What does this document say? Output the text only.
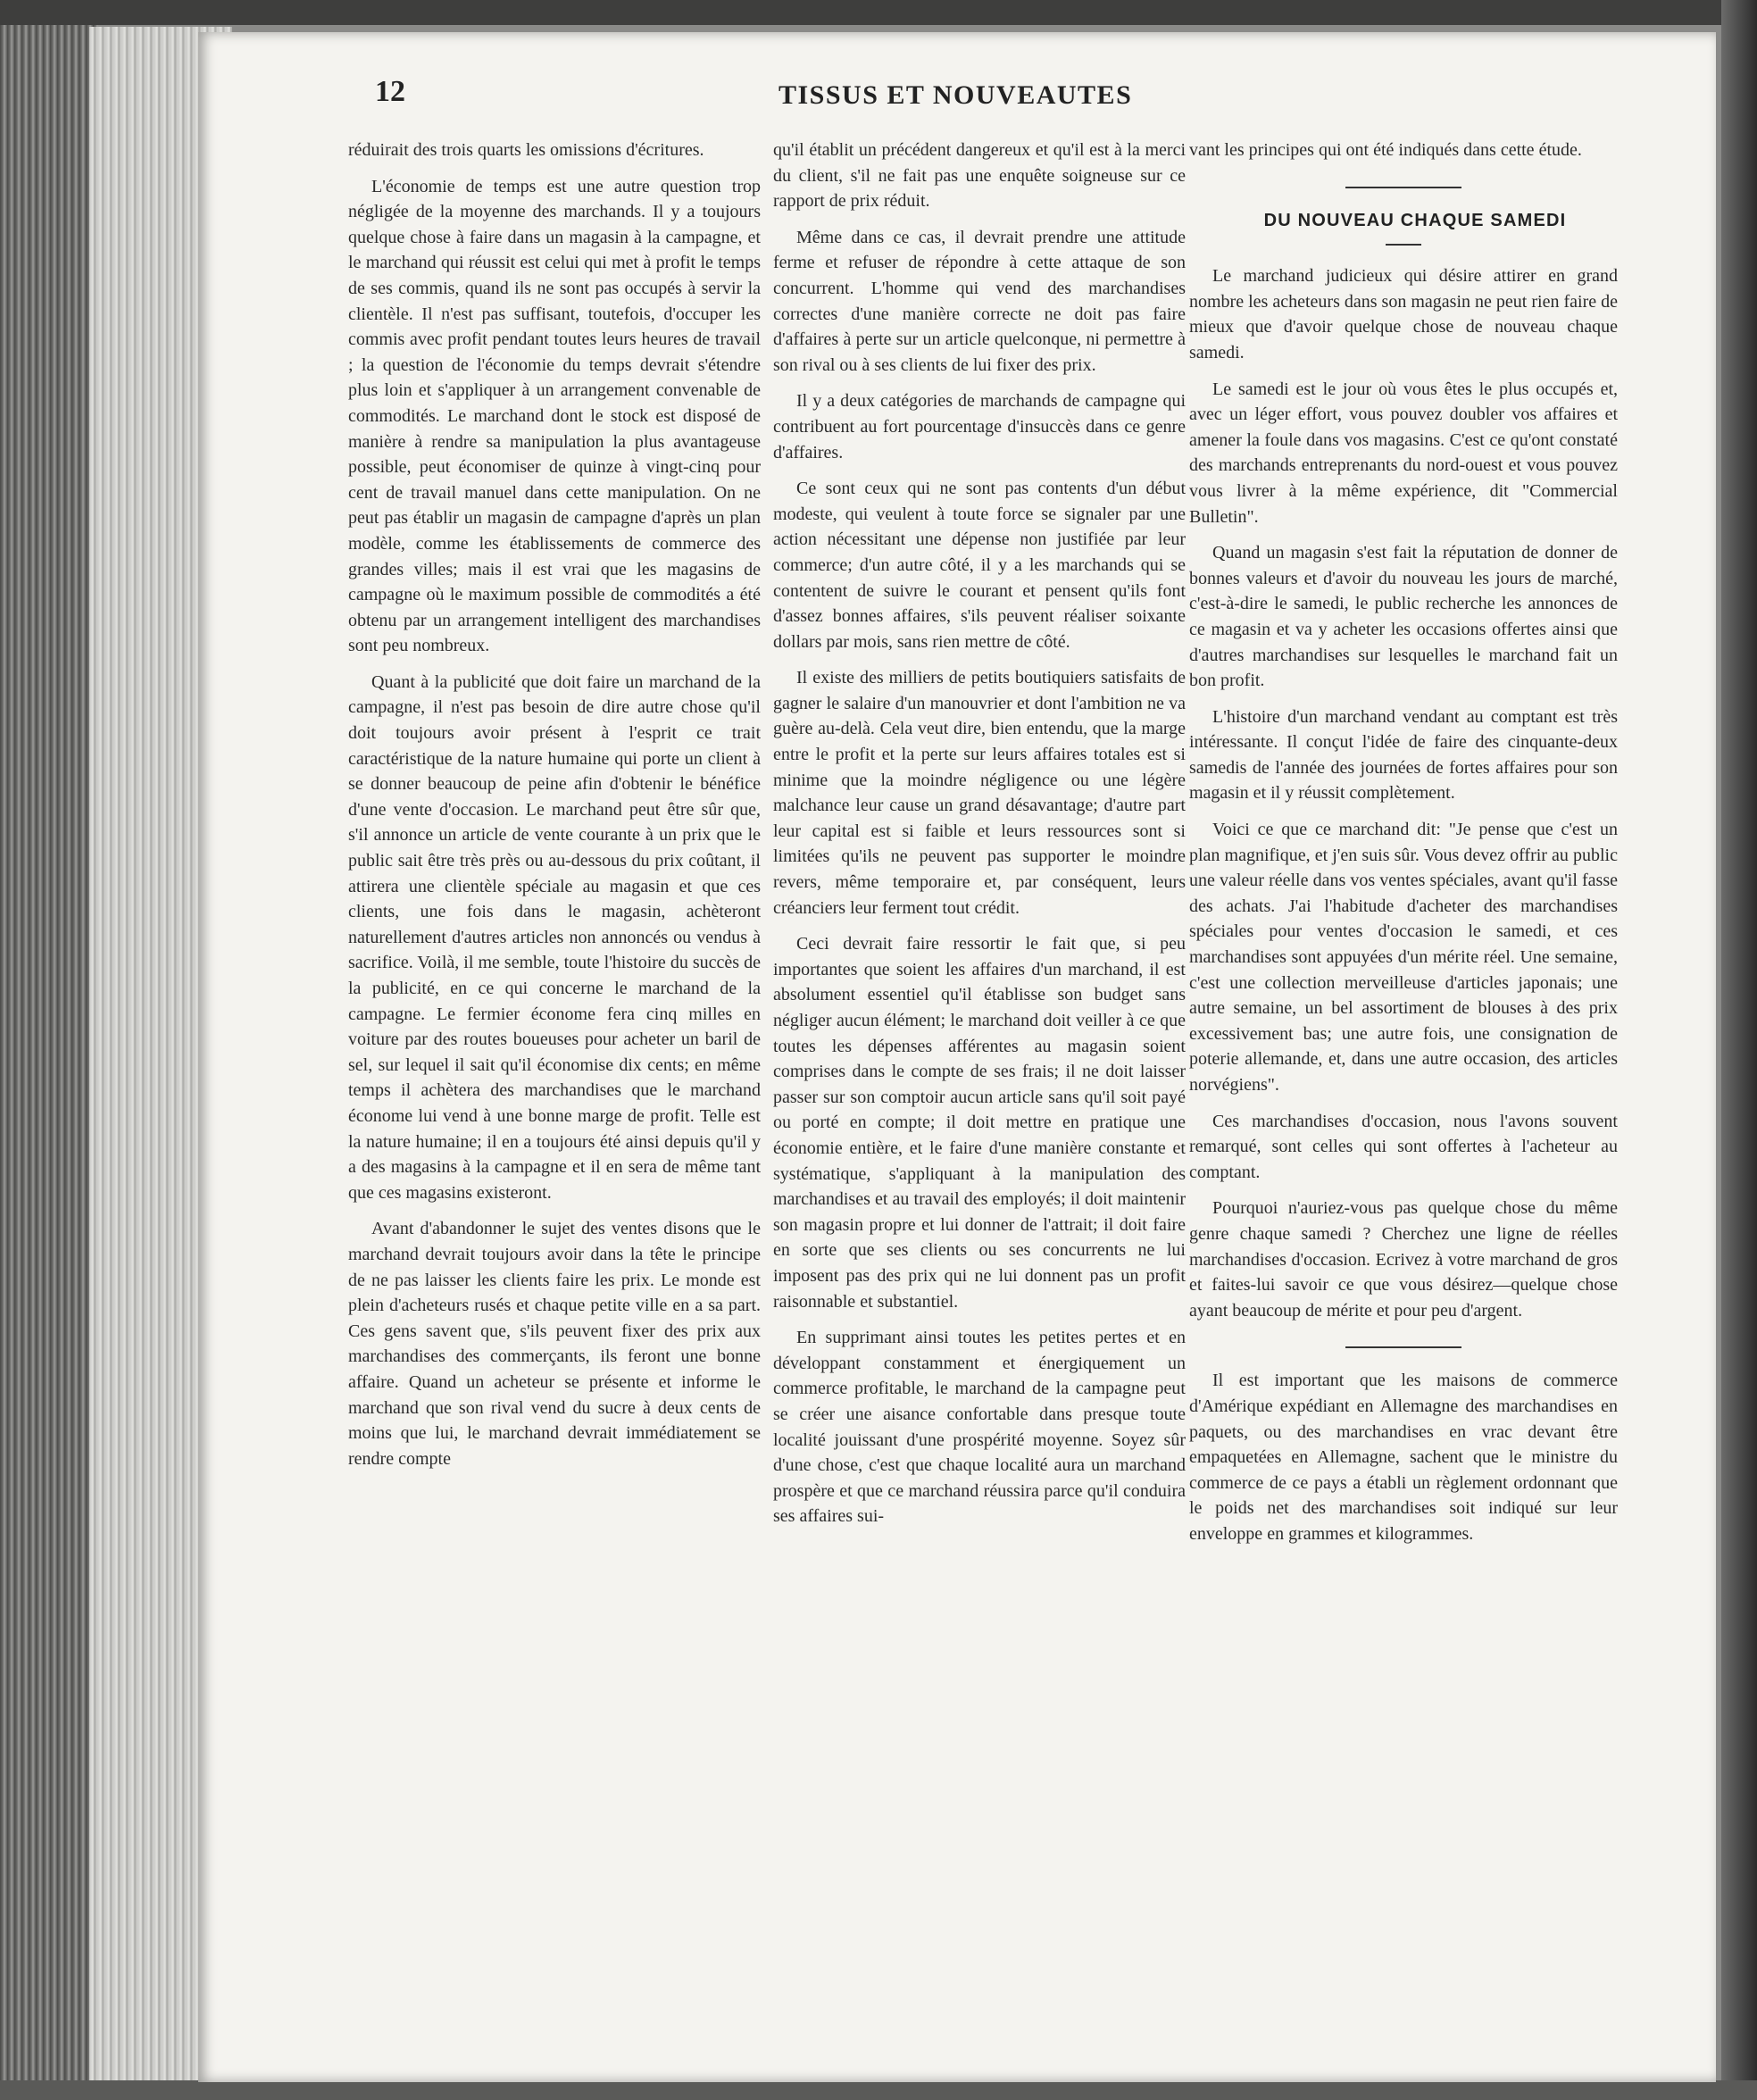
12	TISSUS ET NOUVEAUTES

réduirait des trois quarts les omissions d'écritures.

L'économie de temps est une autre question trop négligée de la moyenne des marchands. Il y a toujours quelque chose à faire dans un magasin à la campagne, et le marchand qui réussit est celui qui met à profit le temps de ses commis, quand ils ne sont pas occupés à servir la clientèle. Il n'est pas suffisant, toutefois, d'occuper les commis avec profit pendant toutes leurs heures de travail ; la question de l'économie du temps devrait s'étendre plus loin et s'appliquer à un arrangement convenable de commodités. Le marchand dont le stock est disposé de manière à rendre sa manipulation la plus avantageuse possible, peut économiser de quinze à vingt-cinq pour cent de travail manuel dans cette manipulation. On ne peut pas établir un magasin de campagne d'après un plan modèle, comme les établissements de commerce des grandes villes; mais il est vrai que les magasins de campagne où le maximum possible de commodités a été obtenu par un arrangement intelligent des marchandises sont peu nombreux.

Quant à la publicité que doit faire un marchand de la campagne, il n'est pas besoin de dire autre chose qu'il doit toujours avoir présent à l'esprit ce trait caractéristique de la nature humaine qui porte un client à se donner beaucoup de peine afin d'obtenir le bénéfice d'une vente d'occasion. Le marchand peut être sûr que, s'il annonce un article de vente courante à un prix que le public sait être très près ou au-dessous du prix coûtant, il attirera une clientèle spéciale au magasin et que ces clients, une fois dans le magasin, achèteront naturellement d'autres articles non annoncés ou vendus à sacrifice. Voilà, il me semble, toute l'histoire du succès de la publicité, en ce qui concerne le marchand de la campagne. Le fermier économe fera cinq milles en voiture par des routes boueuses pour acheter un baril de sel, sur lequel il sait qu'il économise dix cents; en même temps il achètera des marchandises que le marchand économe lui vend à une bonne marge de profit. Telle est la nature humaine; il en a toujours été ainsi depuis qu'il y a des magasins à la campagne et il en sera de même tant que ces magasins existeront.

Avant d'abandonner le sujet des ventes disons que le marchand devrait toujours avoir dans la tête le principe de ne pas laisser les clients faire les prix. Le monde est plein d'acheteurs rusés et chaque petite ville en a sa part. Ces gens savent que, s'ils peuvent fixer des prix aux marchandises des commerçants, ils feront une bonne affaire. Quand un acheteur se présente et informe le marchand que son rival vend du sucre à deux cents de moins que lui, le marchand devrait immédiatement se rendre compte

qu'il établit un précédent dangereux et qu'il est à la merci du client, s'il ne fait pas une enquête soigneuse sur ce rapport de prix réduit.

Même dans ce cas, il devrait prendre une attitude ferme et refuser de répondre à cette attaque de son concurrent. L'homme qui vend des marchandises correctes d'une manière correcte ne doit pas faire d'affaires à perte sur un article quelconque, ni permettre à son rival ou à ses clients de lui fixer des prix.

Il y a deux catégories de marchands de campagne qui contribuent au fort pourcentage d'insuccès dans ce genre d'affaires.

Ce sont ceux qui ne sont pas contents d'un début modeste, qui veulent à toute force se signaler par une action nécessitant une dépense non justifiée par leur commerce; d'un autre côté, il y a les marchands qui se contentent de suivre le courant et pensent qu'ils font d'assez bonnes affaires, s'ils peuvent réaliser soixante dollars par mois, sans rien mettre de côté.

Il existe des milliers de petits boutiquiers satisfaits de gagner le salaire d'un manouvrier et dont l'ambition ne va guère au-delà. Cela veut dire, bien entendu, que la marge entre le profit et la perte sur leurs affaires totales est si minime que la moindre négligence ou une légère malchance leur cause un grand désavantage; d'autre part leur capital est si faible et leurs ressources sont si limitées qu'ils ne peuvent pas supporter le moindre revers, même temporaire et, par conséquent, leurs créanciers leur ferment tout crédit.

Ceci devrait faire ressortir le fait que, si peu importantes que soient les affaires d'un marchand, il est absolument essentiel qu'il établisse son budget sans négliger aucun élément; le marchand doit veiller à ce que toutes les dépenses afférentes au magasin soient comprises dans le compte de ses frais; il ne doit laisser passer sur son comptoir aucun article sans qu'il soit payé ou porté en compte; il doit mettre en pratique une économie entière, et le faire d'une manière constante et systématique, s'appliquant à la manipulation des marchandises et au travail des employés; il doit maintenir son magasin propre et lui donner de l'attrait; il doit faire en sorte que ses clients ou ses concurrents ne lui imposent pas des prix qui ne lui donnent pas un profit raisonnable et substantiel.

En supprimant ainsi toutes les petites pertes et en développant constamment et énergiquement un commerce profitable, le marchand de la campagne peut se créer une aisance confortable dans presque toute localité jouissant d'une prospérité moyenne. Soyez sûr d'une chose, c'est que chaque localité aura un marchand prospère et que ce marchand réussira parce qu'il conduira ses affaires sui-

vant les principes qui ont été indiqués dans cette étude.

DU NOUVEAU CHAQUE SAMEDI

Le marchand judicieux qui désire attirer en grand nombre les acheteurs dans son magasin ne peut rien faire de mieux que d'avoir quelque chose de nouveau chaque samedi.

Le samedi est le jour où vous êtes le plus occupés et, avec un léger effort, vous pouvez doubler vos affaires et amener la foule dans vos magasins. C'est ce qu'ont constaté des marchands entreprenants du nord-ouest et vous pouvez vous livrer à la même expérience, dit "Commercial Bulletin".

Quand un magasin s'est fait la réputation de donner de bonnes valeurs et d'avoir du nouveau les jours de marché, c'est-à-dire le samedi, le public recherche les annonces de ce magasin et va y acheter les occasions offertes ainsi que d'autres marchandises sur lesquelles le marchand fait un bon profit.

L'histoire d'un marchand vendant au comptant est très intéressante. Il conçut l'idée de faire des cinquante-deux samedis de l'année des journées de fortes affaires pour son magasin et il y réussit complètement.

Voici ce que ce marchand dit: "Je pense que c'est un plan magnifique, et j'en suis sûr. Vous devez offrir au public une valeur réelle dans vos ventes spéciales, avant qu'il fasse des achats. J'ai l'habitude d'acheter des marchandises spéciales pour ventes d'occasion le samedi, et ces marchandises sont appuyées d'un mérite réel. Une semaine, c'est une collection merveilleuse d'articles japonais; une autre semaine, un bel assortiment de blouses à des prix excessivement bas; une autre fois, une consignation de poterie allemande, et, dans une autre occasion, des articles norvégiens".

Ces marchandises d'occasion, nous l'avons souvent remarqué, sont celles qui sont offertes à l'acheteur au comptant.

Pourquoi n'auriez-vous pas quelque chose du même genre chaque samedi ? Cherchez une ligne de réelles marchandises d'occasion. Ecrivez à votre marchand de gros et faites-lui savoir ce que vous désirez—quelque chose ayant beaucoup de mérite et pour peu d'argent.

Il est important que les maisons de commerce d'Amérique expédiant en Allemagne des marchandises en paquets, ou des marchandises en vrac devant être empaquetées en Allemagne, sachent que le ministre du commerce de ce pays a établi un règlement ordonnant que le poids net des marchandises soit indiqué sur leur enveloppe en grammes et kilogrammes.
